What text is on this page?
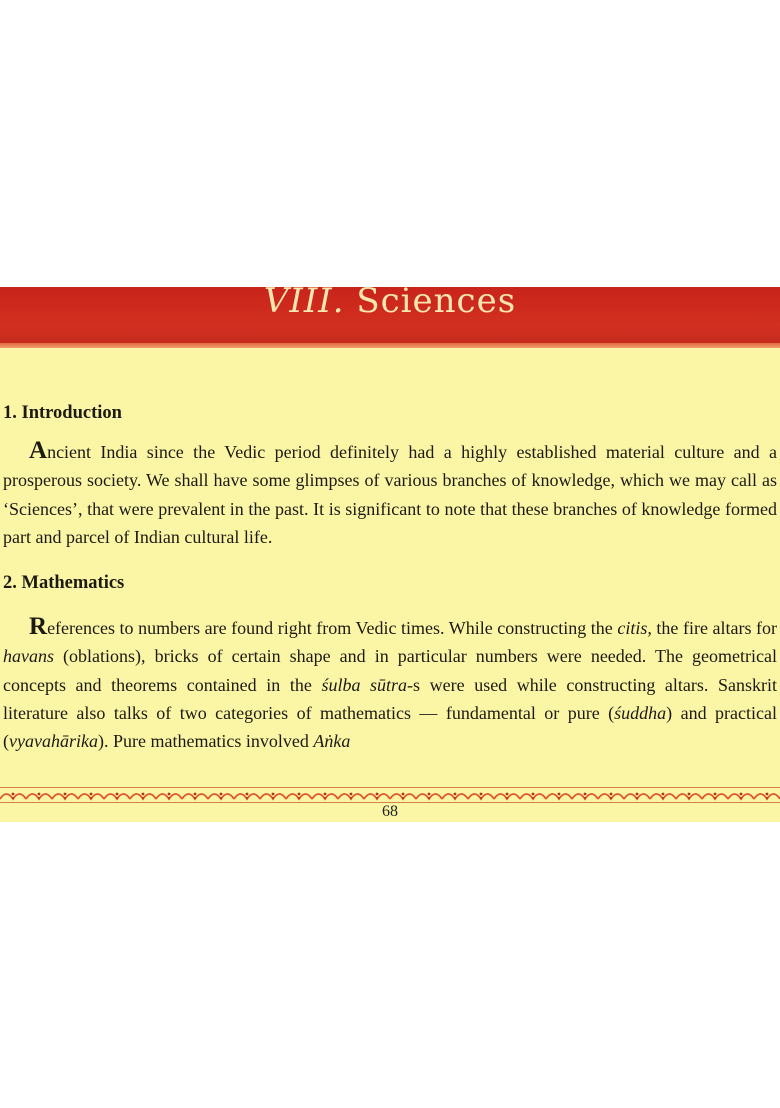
VIII. Sciences
1. Introduction

Ancient India since the Vedic period definitely had a highly established material culture and a prosperous society. We shall have some glimpses of various branches of knowledge, which we may call as ‘Sciences’, that were prevalent in the past. It is significant to note that these branches of knowledge formed part and parcel of Indian cultural life.

2. Mathematics

References to numbers are found right from Vedic times. While constructing the citis, the fire altars for havans (oblations), bricks of certain shape and in particular numbers were needed. The geometrical concepts and theorems contained in the śulba sūtra-s were used while constructing altars. Sanskrit literature also talks of two categories of mathematics — fundamental or pure (śuddha) and practical (vyavahārika). Pure mathematics involved Aṅka

68
